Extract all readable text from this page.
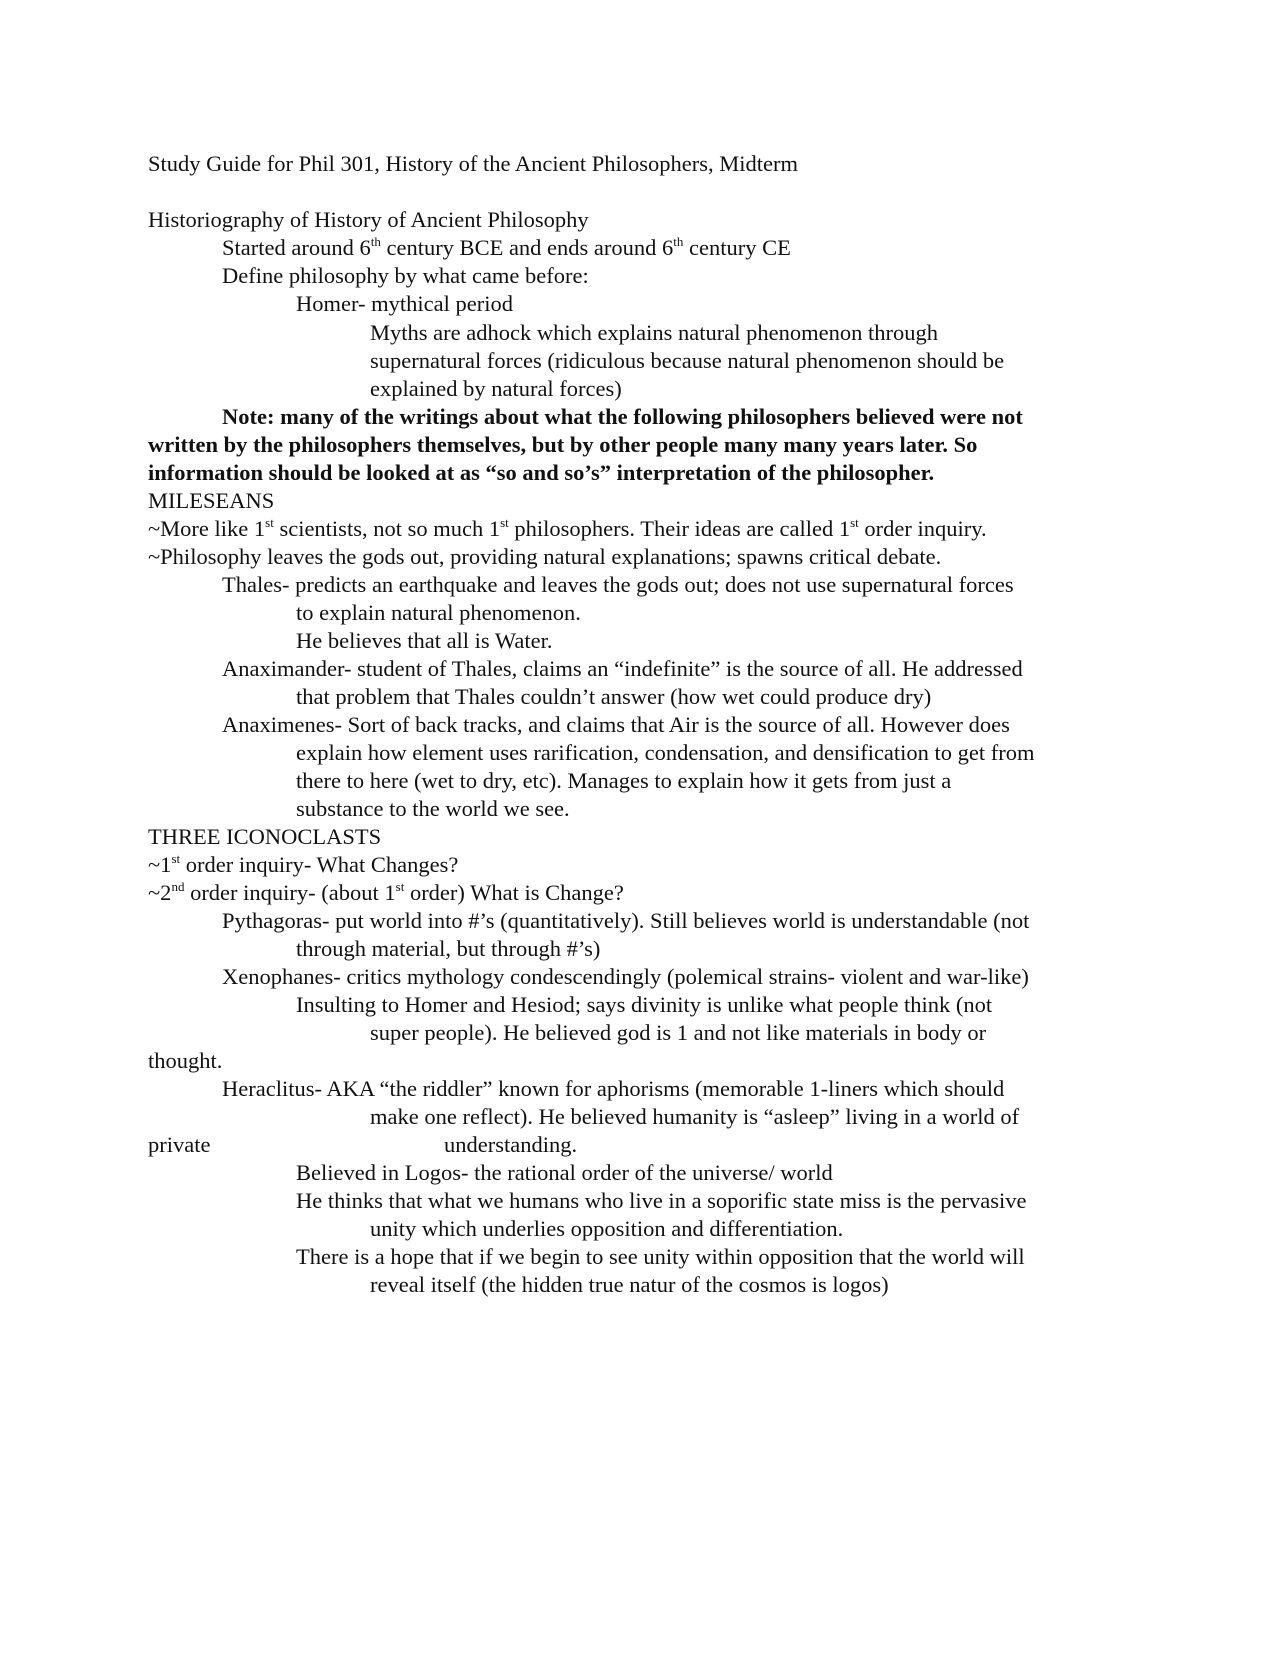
Study Guide for Phil 301, History of the Ancient Philosophers, Midterm
Historiography of History of Ancient Philosophy
Started around 6th century BCE and ends around 6th century CE
Define philosophy by what came before:
Homer- mythical period
Myths are adhock which explains natural phenomenon through
supernatural forces (ridiculous because natural phenomenon should be
explained by natural forces)
Note: many of the writings about what the following philosophers believed were not
written by the philosophers themselves, but by other people many many years later. So
information should be looked at as “so and so’s” interpretation of the philosopher.
MILESEANS
~More like 1st scientists, not so much 1st philosophers. Their ideas are called 1st order inquiry.
~Philosophy leaves the gods out, providing natural explanations; spawns critical debate.
Thales- predicts an earthquake and leaves the gods out; does not use supernatural forces
to explain natural phenomenon.
He believes that all is Water.
Anaximander- student of Thales, claims an “indefinite” is the source of all. He addressed
that problem that Thales couldn’t answer (how wet could produce dry)
Anaximenes- Sort of back tracks, and claims that Air is the source of all. However does
explain how element uses rarification, condensation, and densification to get from
there to here (wet to dry, etc). Manages to explain how it gets from just a
substance to the world we see.
THREE ICONOCLASTS
~1st order inquiry- What Changes?
~2nd order inquiry- (about 1st order) What is Change?
Pythagoras- put world into #’s (quantitatively). Still believes world is understandable (not
through material, but through #’s)
Xenophanes- critics mythology condescendingly (polemical strains- violent and war-like)
Insulting to Homer and Hesiod; says divinity is unlike what people think (not
super people). He believed god is 1 and not like materials in body or
thought.
Heraclitus- AKA “the riddler” known for aphorisms (memorable 1-liners which should
make one reflect). He believed humanity is “asleep” living in a world of
private	understanding.
Believed in Logos- the rational order of the universe/ world
He thinks that what we humans who live in a soporific state miss is the pervasive
unity which underlies opposition and differentiation.
There is a hope that if we begin to see unity within opposition that the world will
reveal itself (the hidden true natur of the cosmos is logos)
